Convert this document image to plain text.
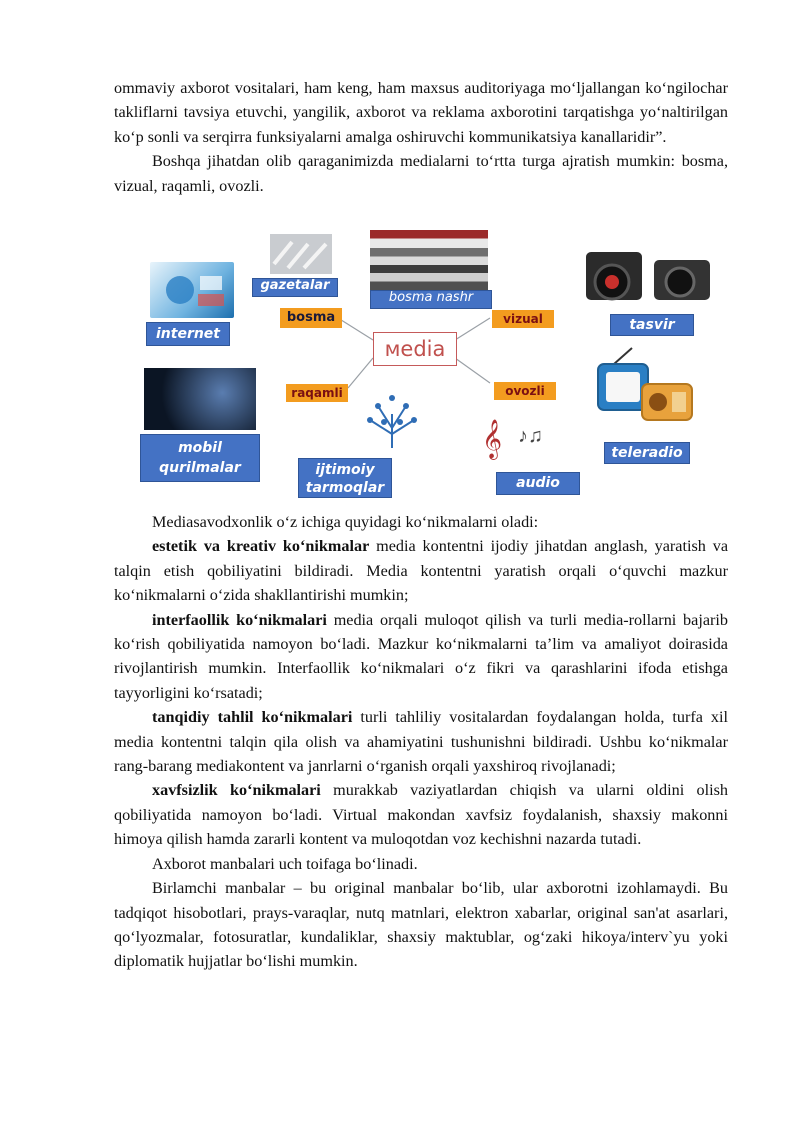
ommaviy axborot vositalari, ham keng, ham maxsus auditoriyaga mo‘ljallangan ko‘ngilochar takliflarni tavsiya etuvchi, yangilik, axborot va reklama axborotini tarqatishga yo‘naltirilgan ko‘p sonli va serqirra funksiyalarni amalga oshiruvchi kommunikatsiya kanallaridir”.

Boshqa jihatdan olib qaraganimizda medialarni to‘rtta turga ajratish mumkin: bosma, vizual, raqamli, ovozli.

𝄞 ♪♫
gazetalar
bosma nashr
internet
tasvir
mobil
qurilmalar	ijtimoiy
tarmoqlar
teleradio
audio
bosma	vizual
raqamli	ovozli
мedia

Mediasavodxonlik o‘z ichiga quyidagi ko‘nikmalarni oladi:

estetik va kreativ ko‘nikmalar media kontentni ijodiy jihatdan anglash, yaratish va talqin etish qobiliyatini bildiradi. Media kontentni yaratish orqali o‘quvchi mazkur ko‘nikmalarni o‘zida shakllantirishi mumkin;

interfaollik ko‘nikmalari media orqali muloqot qilish va turli media-rollarni bajarib ko‘rish qobiliyatida namoyon bo‘ladi. Mazkur ko‘nikmalarni ta’lim va amaliyot doirasida rivojlantirish mumkin. Interfaollik ko‘nikmalari o‘z fikri va qarashlarini ifoda etishga tayyorligini ko‘rsatadi;

tanqidiy tahlil ko‘nikmalari turli tahliliy vositalardan foydalangan holda, turfa xil media kontentni talqin qila olish va ahamiyatini tushunishni bildiradi. Ushbu ko‘nikmalar rang-barang mediakontent va janrlarni o‘rganish orqali yaxshiroq rivojlanadi;

xavfsizlik ko‘nikmalari murakkab vaziyatlardan chiqish va ularni oldini olish qobiliyatida namoyon bo‘ladi. Virtual makondan xavfsiz foydalanish, shaxsiy makonni himoya qilish hamda zararli kontent va muloqotdan voz kechishni nazarda tutadi.

Axborot manbalari uch toifaga bo‘linadi.

Birlamchi manbalar – bu original manbalar bo‘lib, ular axborotni izohlamaydi. Bu tadqiqot hisobotlari, prays-varaqlar, nutq matnlari, elektron xabarlar, original san'at asarlari, qo‘lyozmalar, fotosuratlar, kundaliklar, shaxsiy maktublar, og‘zaki hikoya/interv`yu yoki diplomatik hujjatlar bo‘lishi mumkin.
